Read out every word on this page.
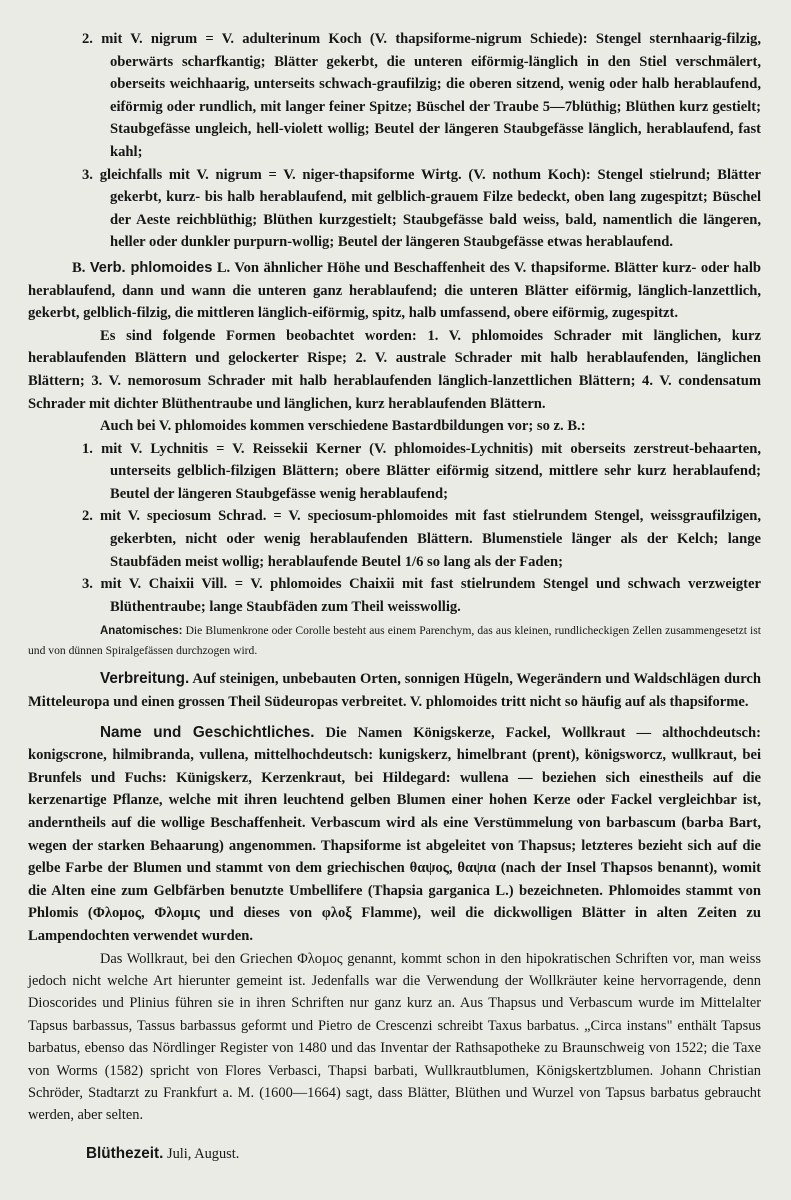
2. mit V. nigrum = V. adulterinum Koch (V. thapsiforme-nigrum Schiede): Stengel sternhaarig-filzig, oberwärts scharfkantig; Blätter gekerbt, die unteren eiförmig-länglich in den Stiel verschmälert, oberseits weichhaarig, unterseits schwach-graufilzig; die oberen sitzend, wenig oder halb herablaufend, eiförmig oder rundlich, mit langer feiner Spitze; Büschel der Traube 5—7blüthig; Blüthen kurz gestielt; Staubgefässe ungleich, hell-violett wollig; Beutel der längeren Staubgefässe länglich, herablaufend, fast kahl;

3. gleichfalls mit V. nigrum = V. niger-thapsiforme Wirtg. (V. nothum Koch): Stengel stielrund; Blätter gekerbt, kurz- bis halb herablaufend, mit gelblich-grauem Filze bedeckt, oben lang zugespitzt; Büschel der Aeste reichblüthig; Blüthen kurzgestielt; Staubgefässe bald weiss, bald, namentlich die längeren, heller oder dunkler purpurn-wollig; Beutel der längeren Staubgefässe etwas herablaufend.

B. Verb. phlomoides L. Von ähnlicher Höhe und Beschaffenheit des V. thapsiforme. Blätter kurz- oder halb herablaufend, dann und wann die unteren ganz herablaufend; die unteren Blätter eiförmig, länglich-lanzettlich, gekerbt, gelblich-filzig, die mittleren länglich-eiförmig, spitz, halb umfassend, obere eiförmig, zugespitzt.

Es sind folgende Formen beobachtet worden: 1. V. phlomoides Schrader mit länglichen, kurz herablaufenden Blättern und gelockerter Rispe; 2. V. australe Schrader mit halb herablaufenden, länglichen Blättern; 3. V. nemorosum Schrader mit halb herablaufenden länglich-lanzettlichen Blättern; 4. V. condensatum Schrader mit dichter Blüthentraube und länglichen, kurz herablaufenden Blättern.

Auch bei V. phlomoides kommen verschiedene Bastardbildungen vor; so z. B.:

1. mit V. Lychnitis = V. Reissekii Kerner (V. phlomoides-Lychnitis) mit oberseits zerstreut-behaarten, unterseits gelblich-filzigen Blättern; obere Blätter eiförmig sitzend, mittlere sehr kurz herablaufend; Beutel der längeren Staubgefässe wenig herablaufend;

2. mit V. speciosum Schrad. = V. speciosum-phlomoides mit fast stielrundem Stengel, weissgraufilzigen, gekerbten, nicht oder wenig herablaufenden Blättern. Blumenstiele länger als der Kelch; lange Staubfäden meist wollig; herablaufende Beutel 1/6 so lang als der Faden;

3. mit V. Chaixii Vill. = V. phlomoides Chaixii mit fast stielrundem Stengel und schwach verzweigter Blüthentraube; lange Staubfäden zum Theil weisswollig.

Anatomisches: Die Blumenkrone oder Corolle besteht aus einem Parenchym, das aus kleinen, rundlicheckigen Zellen zusammengesetzt ist und von dünnen Spiralgefässen durchzogen wird.

Verbreitung. Auf steinigen, unbebauten Orten, sonnigen Hügeln, Wegerändern und Waldschlägen durch Mitteleuropa und einen grossen Theil Südeuropas verbreitet. V. phlomoides tritt nicht so häufig auf als thapsiforme.

Name und Geschichtliches. Die Namen Königskerze, Fackel, Wollkraut — althochdeutsch: konigscrone, hilmibranda, vullena, mittelhochdeutsch: kunigskerz, himelbrant (prent), königsworcz, wullkraut, bei Brunfels und Fuchs: Künigskerz, Kerzenkraut, bei Hildegard: wullena — beziehen sich einestheils auf die kerzenartige Pflanze, welche mit ihren leuchtend gelben Blumen einer hohen Kerze oder Fackel vergleichbar ist, anderntheils auf die wollige Beschaffenheit. Verbascum wird als eine Verstümmelung von barbascum (barba Bart, wegen der starken Behaarung) angenommen. Thapsiforme ist abgeleitet von Thapsus; letzteres bezieht sich auf die gelbe Farbe der Blumen und stammt von dem griechischen θαψος, θαψια (nach der Insel Thapsos benannt), womit die Alten eine zum Gelbfärben benutzte Umbellifere (Thapsia garganica L.) bezeichneten. Phlomoides stammt von Phlomis (Φλομος, Φλομις und dieses von φλοξ Flamme), weil die dickwolligen Blätter in alten Zeiten zu Lampendochten verwendet wurden.

Das Wollkraut, bei den Griechen Φλομος genannt, kommt schon in den hipokratischen Schriften vor, man weiss jedoch nicht welche Art hierunter gemeint ist. Jedenfalls war die Verwendung der Wollkräuter keine hervorragende, denn Dioscorides und Plinius führen sie in ihren Schriften nur ganz kurz an. Aus Thapsus und Verbascum wurde im Mittelalter Tapsus barbassus, Tassus barbassus geformt und Pietro de Crescenzi schreibt Taxus barbatus. „Circa instans" enthält Tapsus barbatus, ebenso das Nördlinger Register von 1480 und das Inventar der Rathsapotheke zu Braunschweig von 1522; die Taxe von Worms (1582) spricht von Flores Verbasci, Thapsi barbati, Wullkrautblumen, Königskertzblumen. Johann Christian Schröder, Stadtarzt zu Frankfurt a. M. (1600—1664) sagt, dass Blätter, Blüthen und Wurzel von Tapsus barbatus gebraucht werden, aber selten.

Blüthezeit. Juli, August.
